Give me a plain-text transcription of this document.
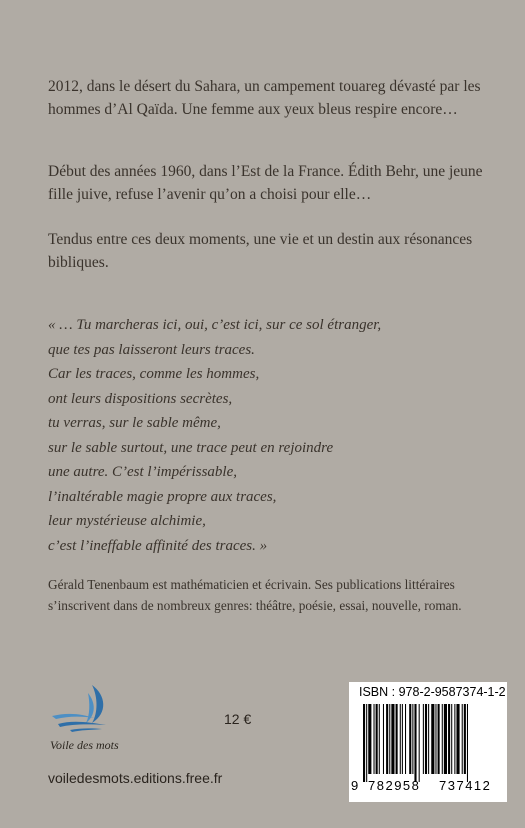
2012, dans le désert du Sahara, un campement touareg dévasté par les hommes d’Al Qaïda. Une femme aux yeux bleus respire encore…

Début des années 1960, dans l’Est de la France. Édith Behr, une jeune fille juive, refuse l’avenir qu’on a choisi pour elle…

Tendus entre ces deux moments, une vie et un destin aux résonances bibliques.

« … Tu marcheras ici, oui, c’est ici, sur ce sol étranger,
que tes pas laisseront leurs traces.
Car les traces, comme les hommes,
ont leurs dispositions secrètes,
tu verras, sur le sable même,
sur le sable surtout, une trace peut en rejoindre
une autre. C’est l’impérissable,
l’inaltérable magie propre aux traces,
leur mystérieuse alchimie,
c’est l’ineffable affinité des traces. »

Gérald Tenenbaum est mathématicien et écrivain. Ses publications littéraires s’inscrivent dans de nombreux genres: théâtre, poésie, essai, nouvelle, roman.

Voile des mots
12 €
voiledesmots.editions.free.fr
ISBN : 978-2-9587374-1-2
9 782958 737412
